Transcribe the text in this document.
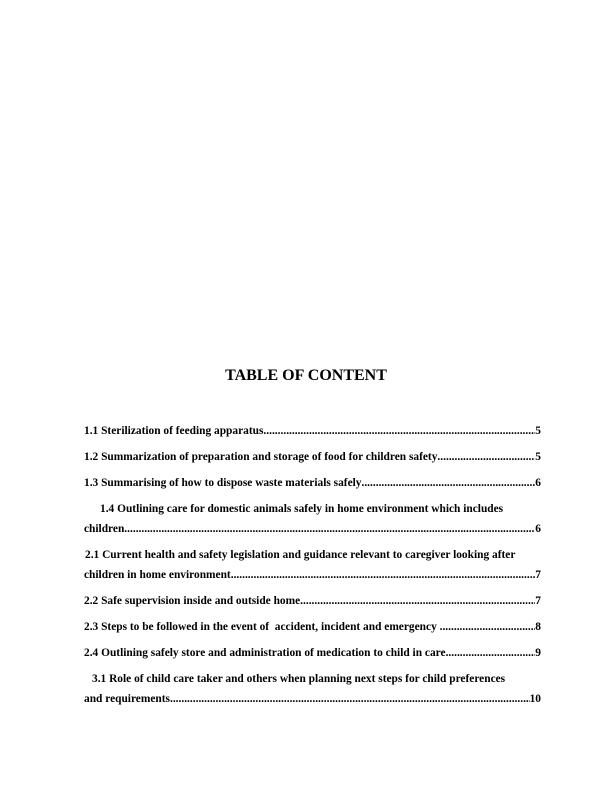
TABLE OF CONTENT
1.1 Sterilization of feeding apparatus .....	5
1.2 Summarization of preparation and storage of food for children safety .....	5
1.3 Summarising of how to dispose waste materials safely .....	6
1.4 Outlining care for domestic animals safely in home environment which includes
children .....	6
2.1 Current health and safety legislation and guidance relevant to caregiver looking after
children in home environment .....	7
2.2 Safe supervision inside and outside home .....	7
2.3 Steps to be followed in the event of  accident, incident and emergency .....	8
2.4 Outlining safely store and administration of medication to child in care .....	9
3.1 Role of child care taker and others when planning next steps for child preferences
and requirements .....	10
